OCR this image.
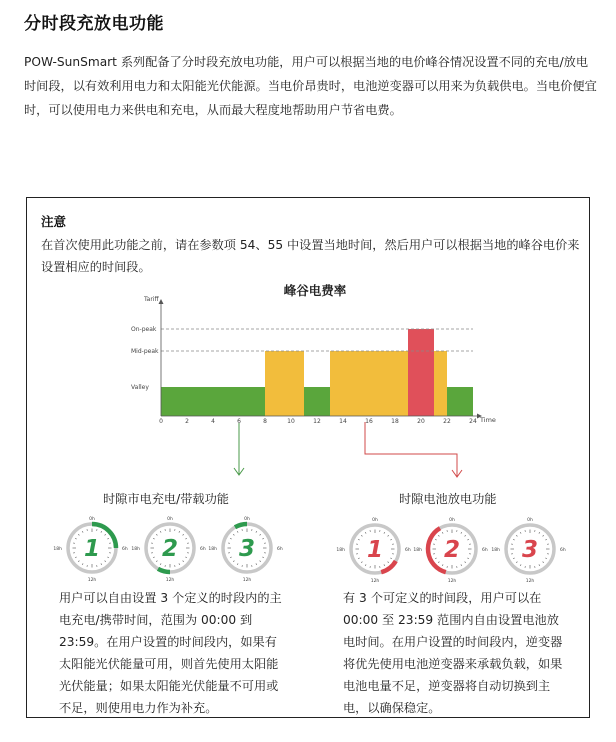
分时段充放电功能
POW-SunSmart 系列配备了分时段充放电功能，用户可以根据当地的电价峰谷情况设置不同的充电/放电时间段，以有效利用电力和太阳能光伏能源。当电价昂贵时，电池逆变器可以用来为负载供电。当电价便宜时，可以使用电力来供电和充电，从而最大程度地帮助用户节省电费。
注意
在首次使用此功能之前，请在参数项 54、55 中设置当地时间，然后用户可以根据当地的峰谷电价来设置相应的时间段。
峰谷电费率
Tariff
Time
Valley
Mid-peak
On-peak
0	2	4	6	8	10	12	14	16	18	20	22	24
时隙市电充电/带载功能	时隙电池放电功能
0h
6h
12h
18h 1
0h
6h
12h
18h 2
0h
6h
12h
18h 3
0h
6h
12h
18h 1
0h
6h
12h
18h 2
0h
6h
12h
18h 3
用户可以自由设置 3 个定义的时段内的主电充电/携带时间，范围为 00:00 到 23:59。在用户设置的时间段内，如果有太阳能光伏能量可用，则首先使用太阳能光伏能量；如果太阳能光伏能量不可用或不足，则使用电力作为补充。
有 3 个可定义的时间段，用户可以在 00:00 至 23:59 范围内自由设置电池放电时间。在用户设置的时间段内，逆变器将优先使用电池逆变器来承载负载，如果电池电量不足，逆变器将自动切换到主电，以确保稳定。
